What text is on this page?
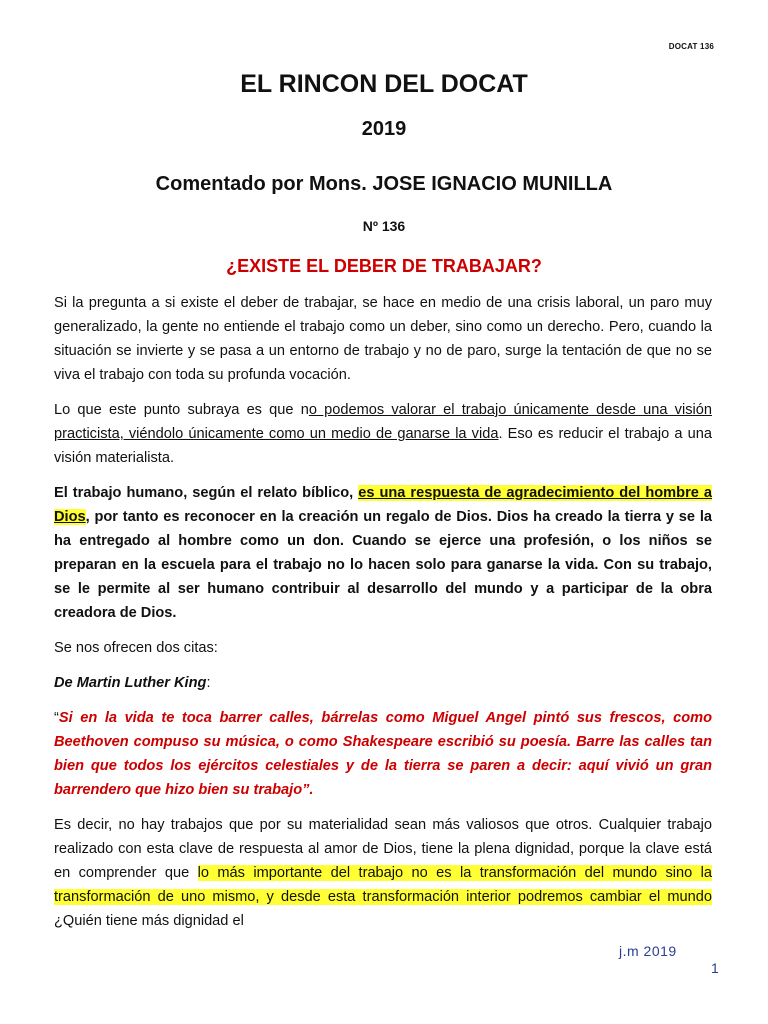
DOCAT 136
EL RINCON DEL DOCAT
2019
Comentado por Mons. JOSE IGNACIO MUNILLA
Nº 136
¿EXISTE EL DEBER DE TRABAJAR?

Si la pregunta a si existe el deber de trabajar, se hace en medio de una crisis laboral, un paro muy generalizado, la gente no entiende el trabajo como un deber, sino como un derecho. Pero, cuando la situación se invierte y se pasa a un entorno de trabajo y no de paro, surge la tentación de que no se viva el trabajo con toda su profunda vocación.

Lo que este punto subraya es que no podemos valorar el trabajo únicamente desde una visión practicista, viéndolo únicamente como un medio de ganarse la vida. Eso es reducir el trabajo a una visión materialista.

El trabajo humano, según el relato bíblico, es una respuesta de agradecimiento del hombre a Dios, por tanto es reconocer en la creación un regalo de Dios. Dios ha creado la tierra y se la ha entregado al hombre como un don. Cuando se ejerce una profesión, o los niños se preparan en la escuela para el trabajo no lo hacen solo para ganarse la vida. Con su trabajo, se le permite al ser humano contribuir al desarrollo del mundo y a participar de la obra creadora de Dios.

Se nos ofrecen dos citas:

De Martin Luther King:

“Si en la vida te toca barrer calles, bárrelas como Miguel Angel pintó sus frescos, como Beethoven compuso su música, o como Shakespeare escribió su poesía. Barre las calles tan bien que todos los ejércitos celestiales y de la tierra se paren a decir: aquí vivió un gran barrendero que hizo bien su trabajo”.

Es decir, no hay trabajos que por su materialidad sean más valiosos que otros. Cualquier trabajo realizado con esta clave de respuesta al amor de Dios, tiene la plena dignidad, porque la clave está en comprender que lo más importante del trabajo no es la transformación del mundo sino la transformación de uno mismo, y desde esta transformación interior podremos cambiar el mundo ¿Quién tiene más dignidad el

j.m 2019
1
